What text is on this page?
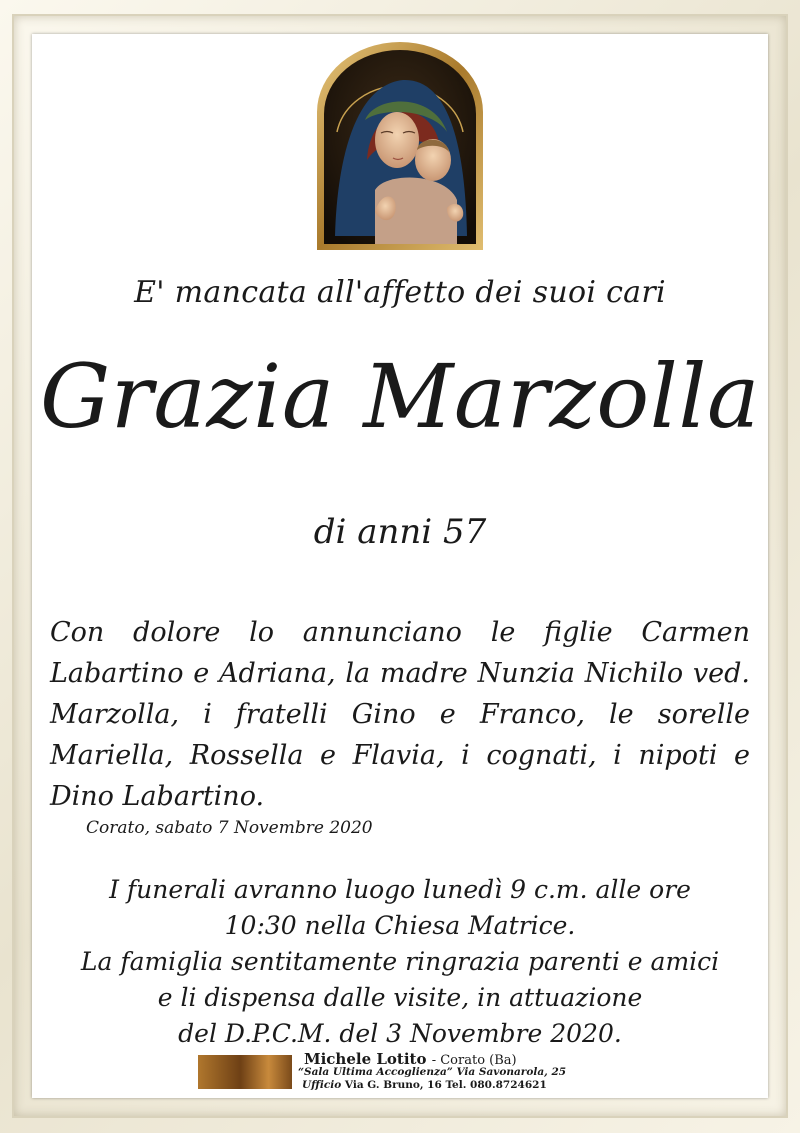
E' mancata all'affetto dei suoi cari
Grazia Marzolla
di anni 57
Con dolore lo annunciano le figlie Carmen Labartino e Adriana, la madre Nunzia Nichilo ved. Marzolla, i fratelli Gino e Franco, le sorelle Mariella, Rossella e Flavia, i cognati, i nipoti e Dino Labartino.
Corato, sabato 7 Novembre 2020
I funerali avranno luogo lunedì 9 c.m. alle ore
10:30 nella Chiesa Matrice.
La famiglia sentitamente ringrazia parenti e amici
e li dispensa dalle visite, in attuazione
del D.P.C.M. del 3 Novembre 2020.
Michele Lotito - Corato (Ba)
“Sala Ultima Accoglienza” Via Savonarola, 25
Ufficio Via G. Bruno, 16 Tel. 080.8724621
